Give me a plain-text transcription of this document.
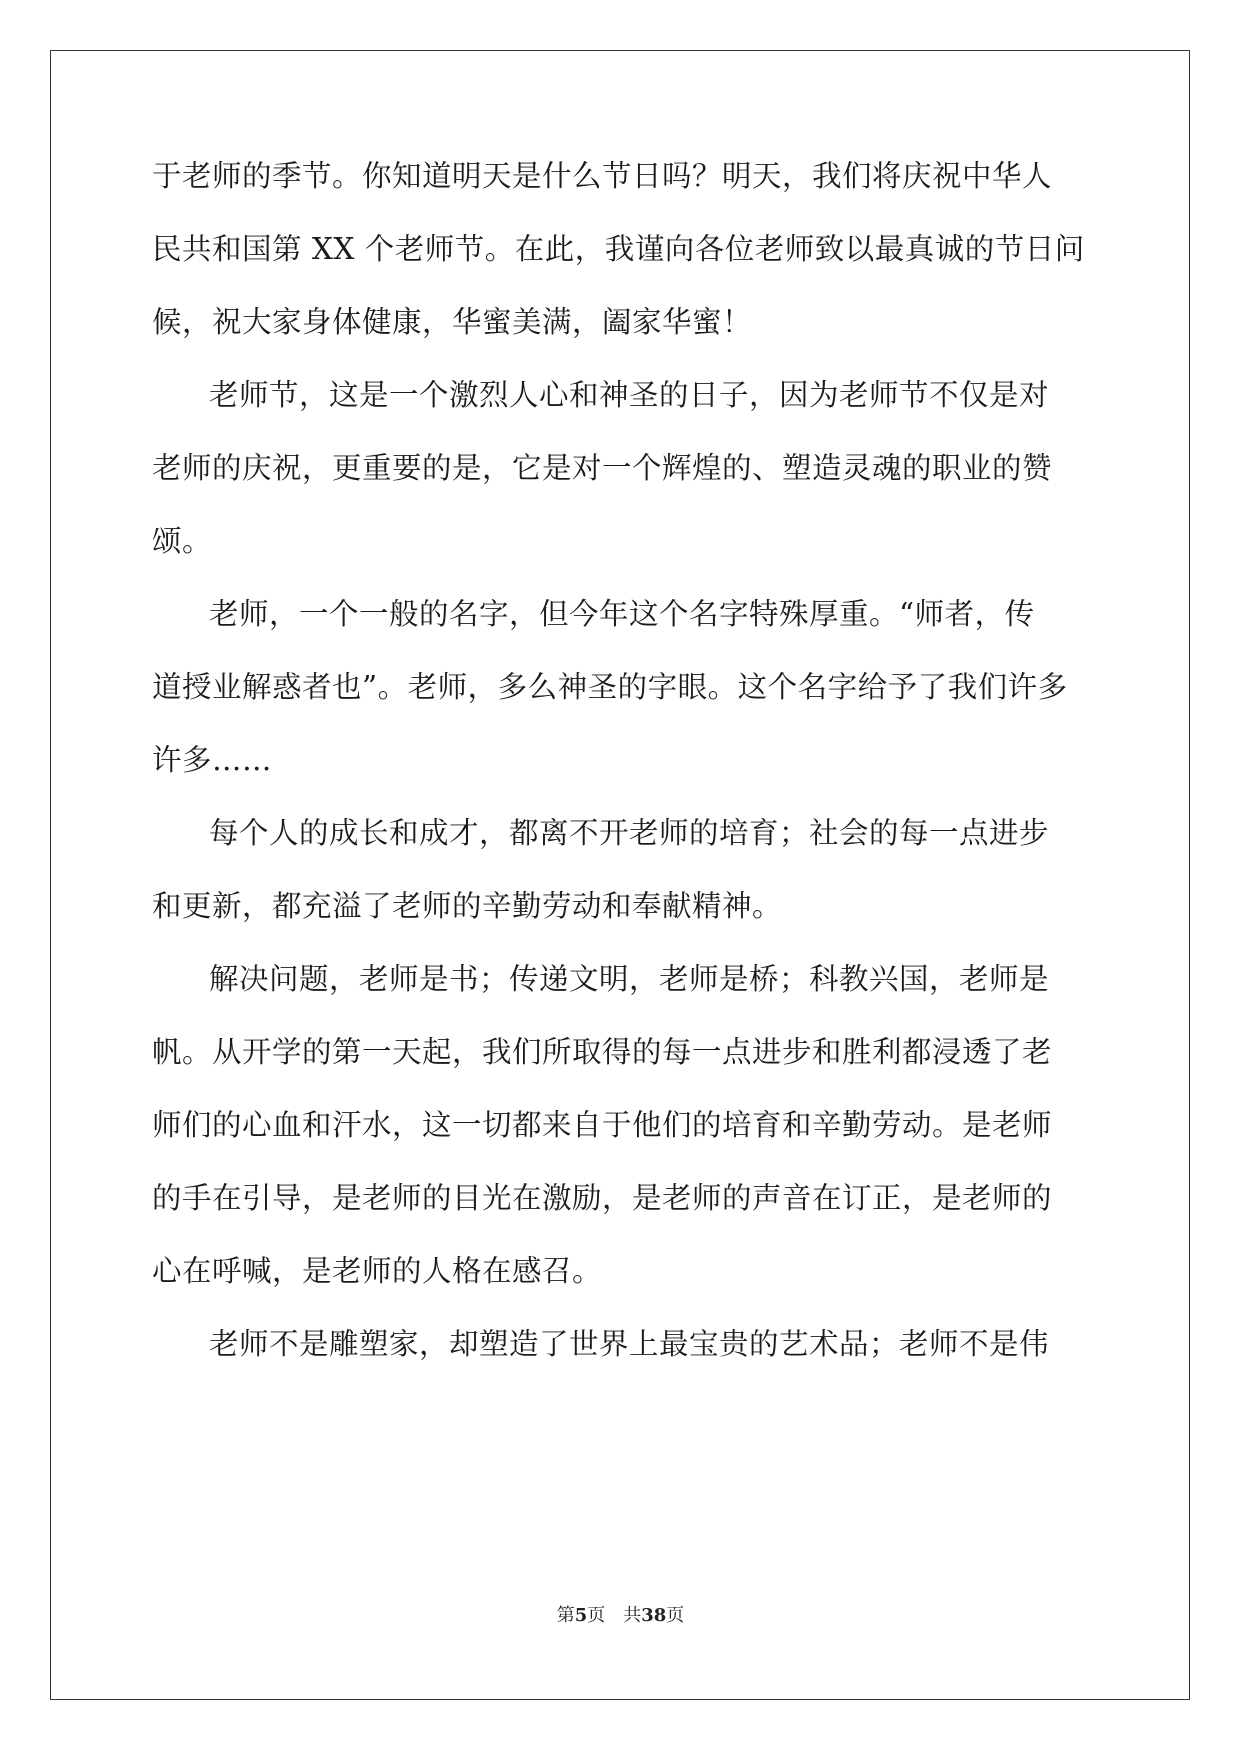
于老师的季节。你知道明天是什么节日吗？明天，我们将庆祝中华人
民共和国第 XX 个老师节。在此，我谨向各位老师致以最真诚的节日问
候，祝大家身体健康，华蜜美满，阖家华蜜！
老师节，这是一个激烈人心和神圣的日子，因为老师节不仅是对
老师的庆祝，更重要的是，它是对一个辉煌的、塑造灵魂的职业的赞
颂。
老师，一个一般的名字，但今年这个名字特殊厚重。“师者，传
道授业解惑者也”。老师，多么神圣的字眼。这个名字给予了我们许多
许多……
每个人的成长和成才，都离不开老师的培育；社会的每一点进步
和更新，都充溢了老师的辛勤劳动和奉献精神。
解决问题，老师是书；传递文明，老师是桥；科教兴国，老师是
帆。从开学的第一天起，我们所取得的每一点进步和胜利都浸透了老
师们的心血和汗水，这一切都来自于他们的培育和辛勤劳动。是老师
的手在引导，是老师的目光在激励，是老师的声音在订正，是老师的
心在呼喊，是老师的人格在感召。
老师不是雕塑家，却塑造了世界上最宝贵的艺术品；老师不是伟
第5页 共38页
